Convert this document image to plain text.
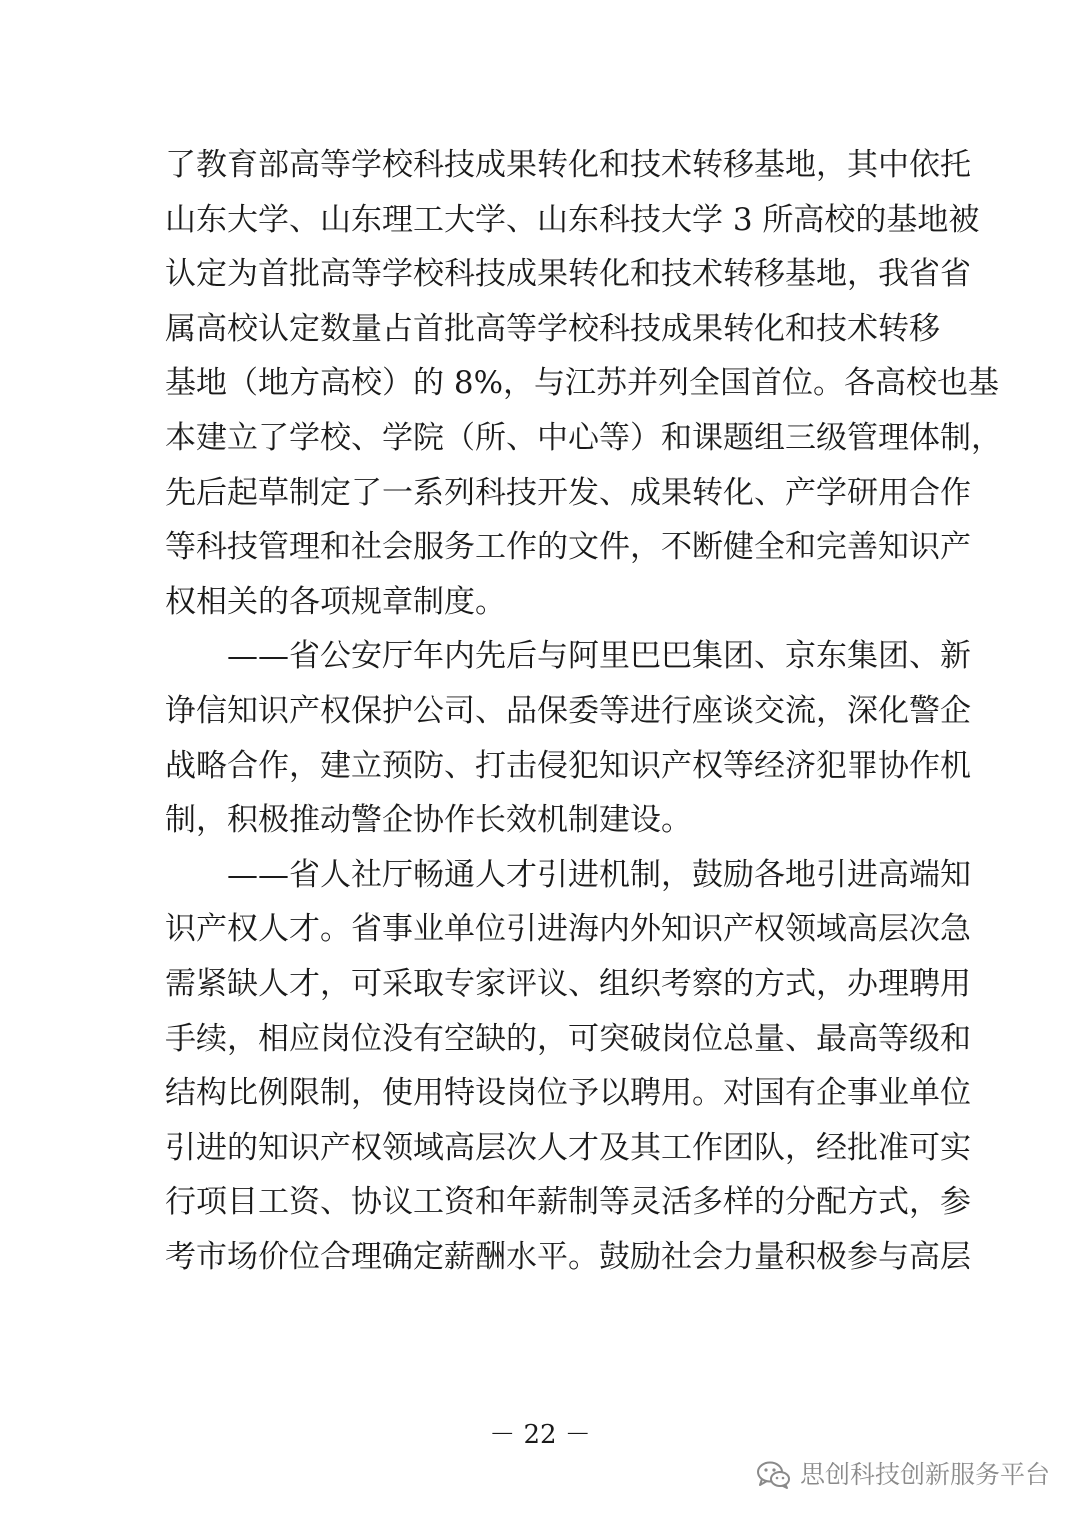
了教育部高等学校科技成果转化和技术转移基地，其中依托
山东大学、山东理工大学、山东科技大学 3 所高校的基地被
认定为首批高等学校科技成果转化和技术转移基地，我省省
属高校认定数量占首批高等学校科技成果转化和技术转移
基地（地方高校）的 8%，与江苏并列全国首位。各高校也基
本建立了学校、学院（所、中心等）和课题组三级管理体制，
先后起草制定了一系列科技开发、成果转化、产学研用合作
等科技管理和社会服务工作的文件，不断健全和完善知识产
权相关的各项规章制度。
　　——省公安厅年内先后与阿里巴巴集团、京东集团、新
诤信知识产权保护公司、品保委等进行座谈交流，深化警企
战略合作，建立预防、打击侵犯知识产权等经济犯罪协作机
制，积极推动警企协作长效机制建设。
　　——省人社厅畅通人才引进机制，鼓励各地引进高端知
识产权人才。省事业单位引进海内外知识产权领域高层次急
需紧缺人才，可采取专家评议、组织考察的方式，办理聘用
手续，相应岗位没有空缺的，可突破岗位总量、最高等级和
结构比例限制，使用特设岗位予以聘用。对国有企事业单位
引进的知识产权领域高层次人才及其工作团队，经批准可实
行项目工资、协议工资和年薪制等灵活多样的分配方式，参
考市场价位合理确定薪酬水平。鼓励社会力量积极参与高层
－ 22 －
思创科技创新服务平台
